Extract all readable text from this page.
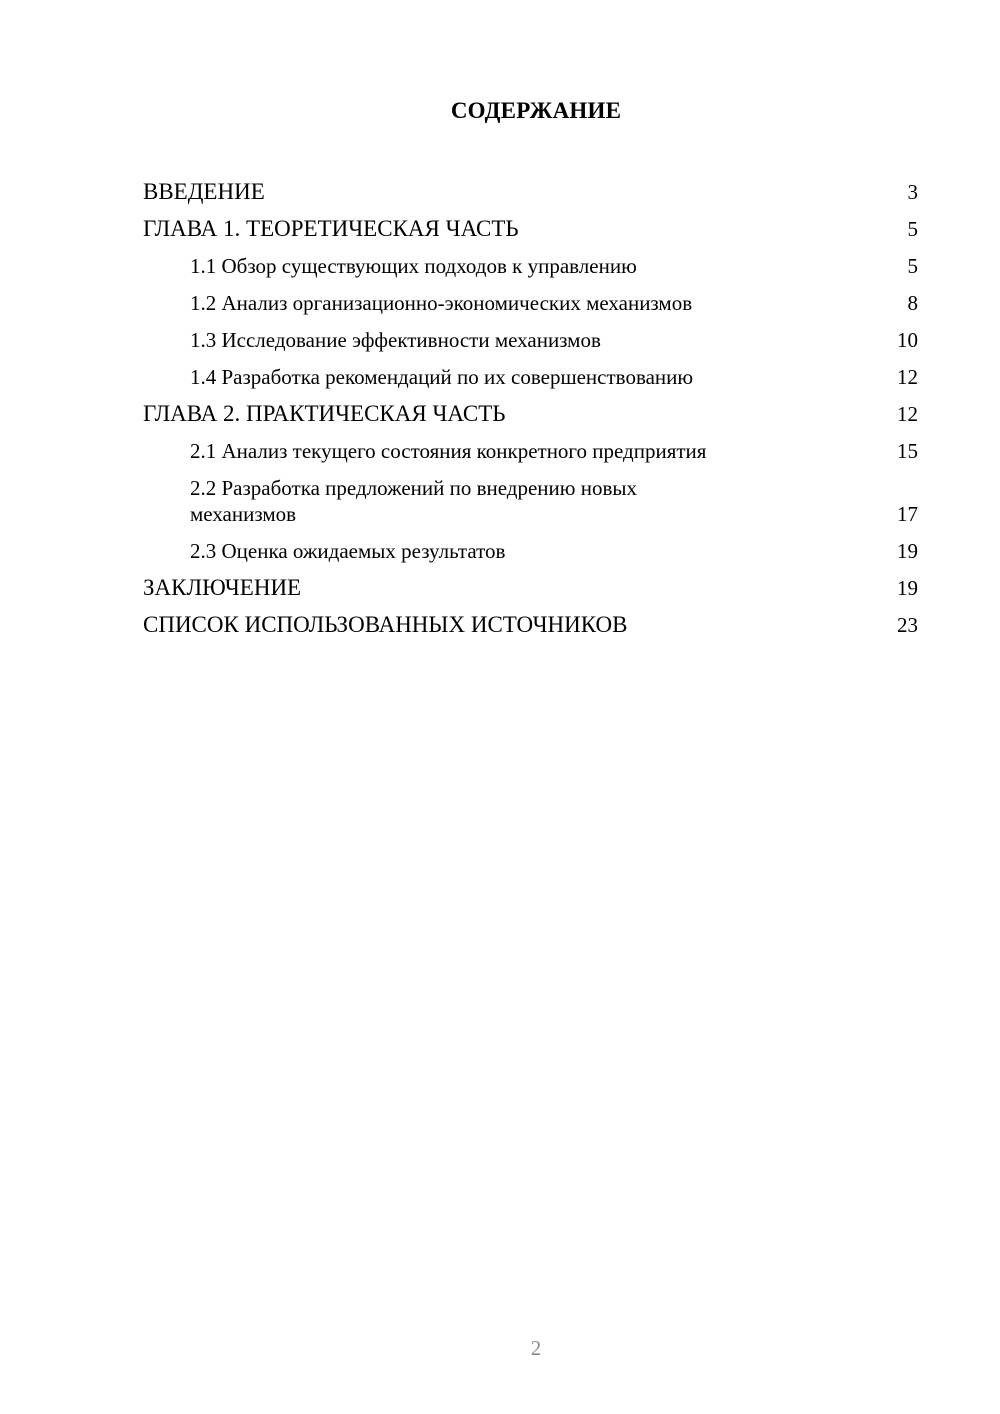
СОДЕРЖАНИЕ
ВВЕДЕНИЕ	3
ГЛАВА 1. ТЕОРЕТИЧЕСКАЯ ЧАСТЬ	5
1.1 Обзор существующих подходов к управлению	5
1.2 Анализ организационно-экономических механизмов	8
1.3 Исследование эффективности механизмов	10
1.4 Разработка рекомендаций по их совершенствованию	12
ГЛАВА 2. ПРАКТИЧЕСКАЯ ЧАСТЬ	12
2.1 Анализ текущего состояния конкретного предприятия	15
2.2 Разработка предложений по внедрению новых механизмов	17
2.3 Оценка ожидаемых результатов	19
ЗАКЛЮЧЕНИЕ	19
СПИСОК ИСПОЛЬЗОВАННЫХ ИСТОЧНИКОВ	23
2
